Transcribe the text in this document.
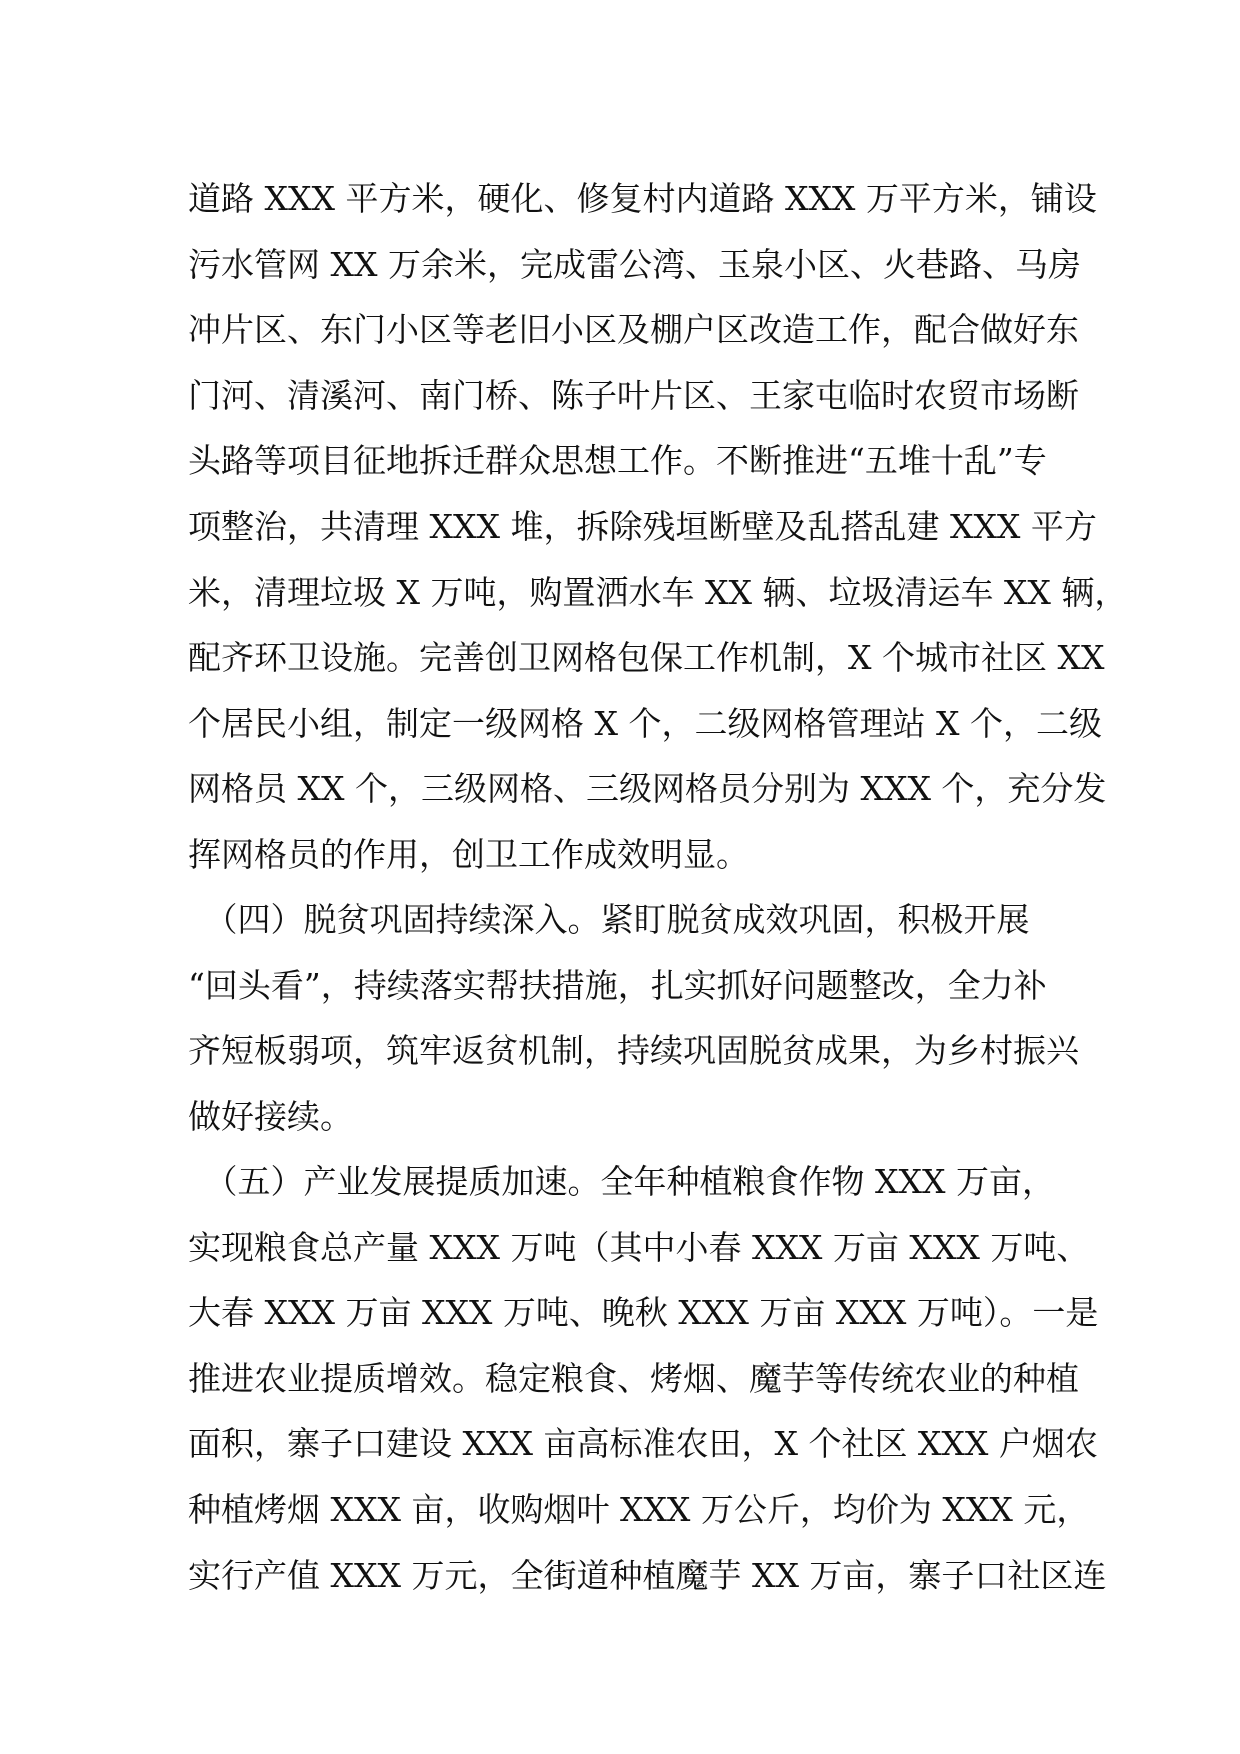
道路 XXX 平方米，硬化、修复村内道路 XXX 万平方米，铺设
污水管网 XX 万余米，完成雷公湾、玉泉小区、火巷路、马房
冲片区、东门小区等老旧小区及棚户区改造工作，配合做好东
门河、清溪河、南门桥、陈子叶片区、王家屯临时农贸市场断
头路等项目征地拆迁群众思想工作。不断推进“五堆十乱”专
项整治，共清理 XXX 堆，拆除残垣断壁及乱搭乱建 XXX 平方
米，清理垃圾 X 万吨，购置洒水车 XX 辆、垃圾清运车 XX 辆，
配齐环卫设施。完善创卫网格包保工作机制，X 个城市社区 XX
个居民小组，制定一级网格 X 个，二级网格管理站 X 个，二级
网格员 XX 个，三级网格、三级网格员分别为 XXX 个，充分发
挥网格员的作用，创卫工作成效明显。
　（四）脱贫巩固持续深入。紧盯脱贫成效巩固，积极开展
“回头看”，持续落实帮扶措施，扎实抓好问题整改，全力补
齐短板弱项，筑牢返贫机制，持续巩固脱贫成果，为乡村振兴
做好接续。
　（五）产业发展提质加速。全年种植粮食作物 XXX 万亩，
实现粮食总产量 XXX 万吨（其中小春 XXX 万亩 XXX 万吨、
大春 XXX 万亩 XXX 万吨、晚秋 XXX 万亩 XXX 万吨）。一是
推进农业提质增效。稳定粮食、烤烟、魔芋等传统农业的种植
面积，寨子口建设 XXX 亩高标准农田，X 个社区 XXX 户烟农
种植烤烟 XXX 亩，收购烟叶 XXX 万公斤，均价为 XXX 元，
实行产值 XXX 万元，全街道种植魔芋 XX 万亩，寨子口社区连
